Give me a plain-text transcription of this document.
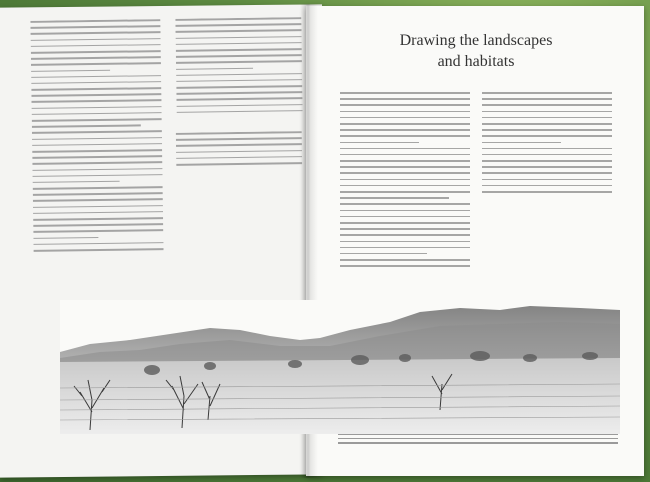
Drawing the landscapes
and habitats
